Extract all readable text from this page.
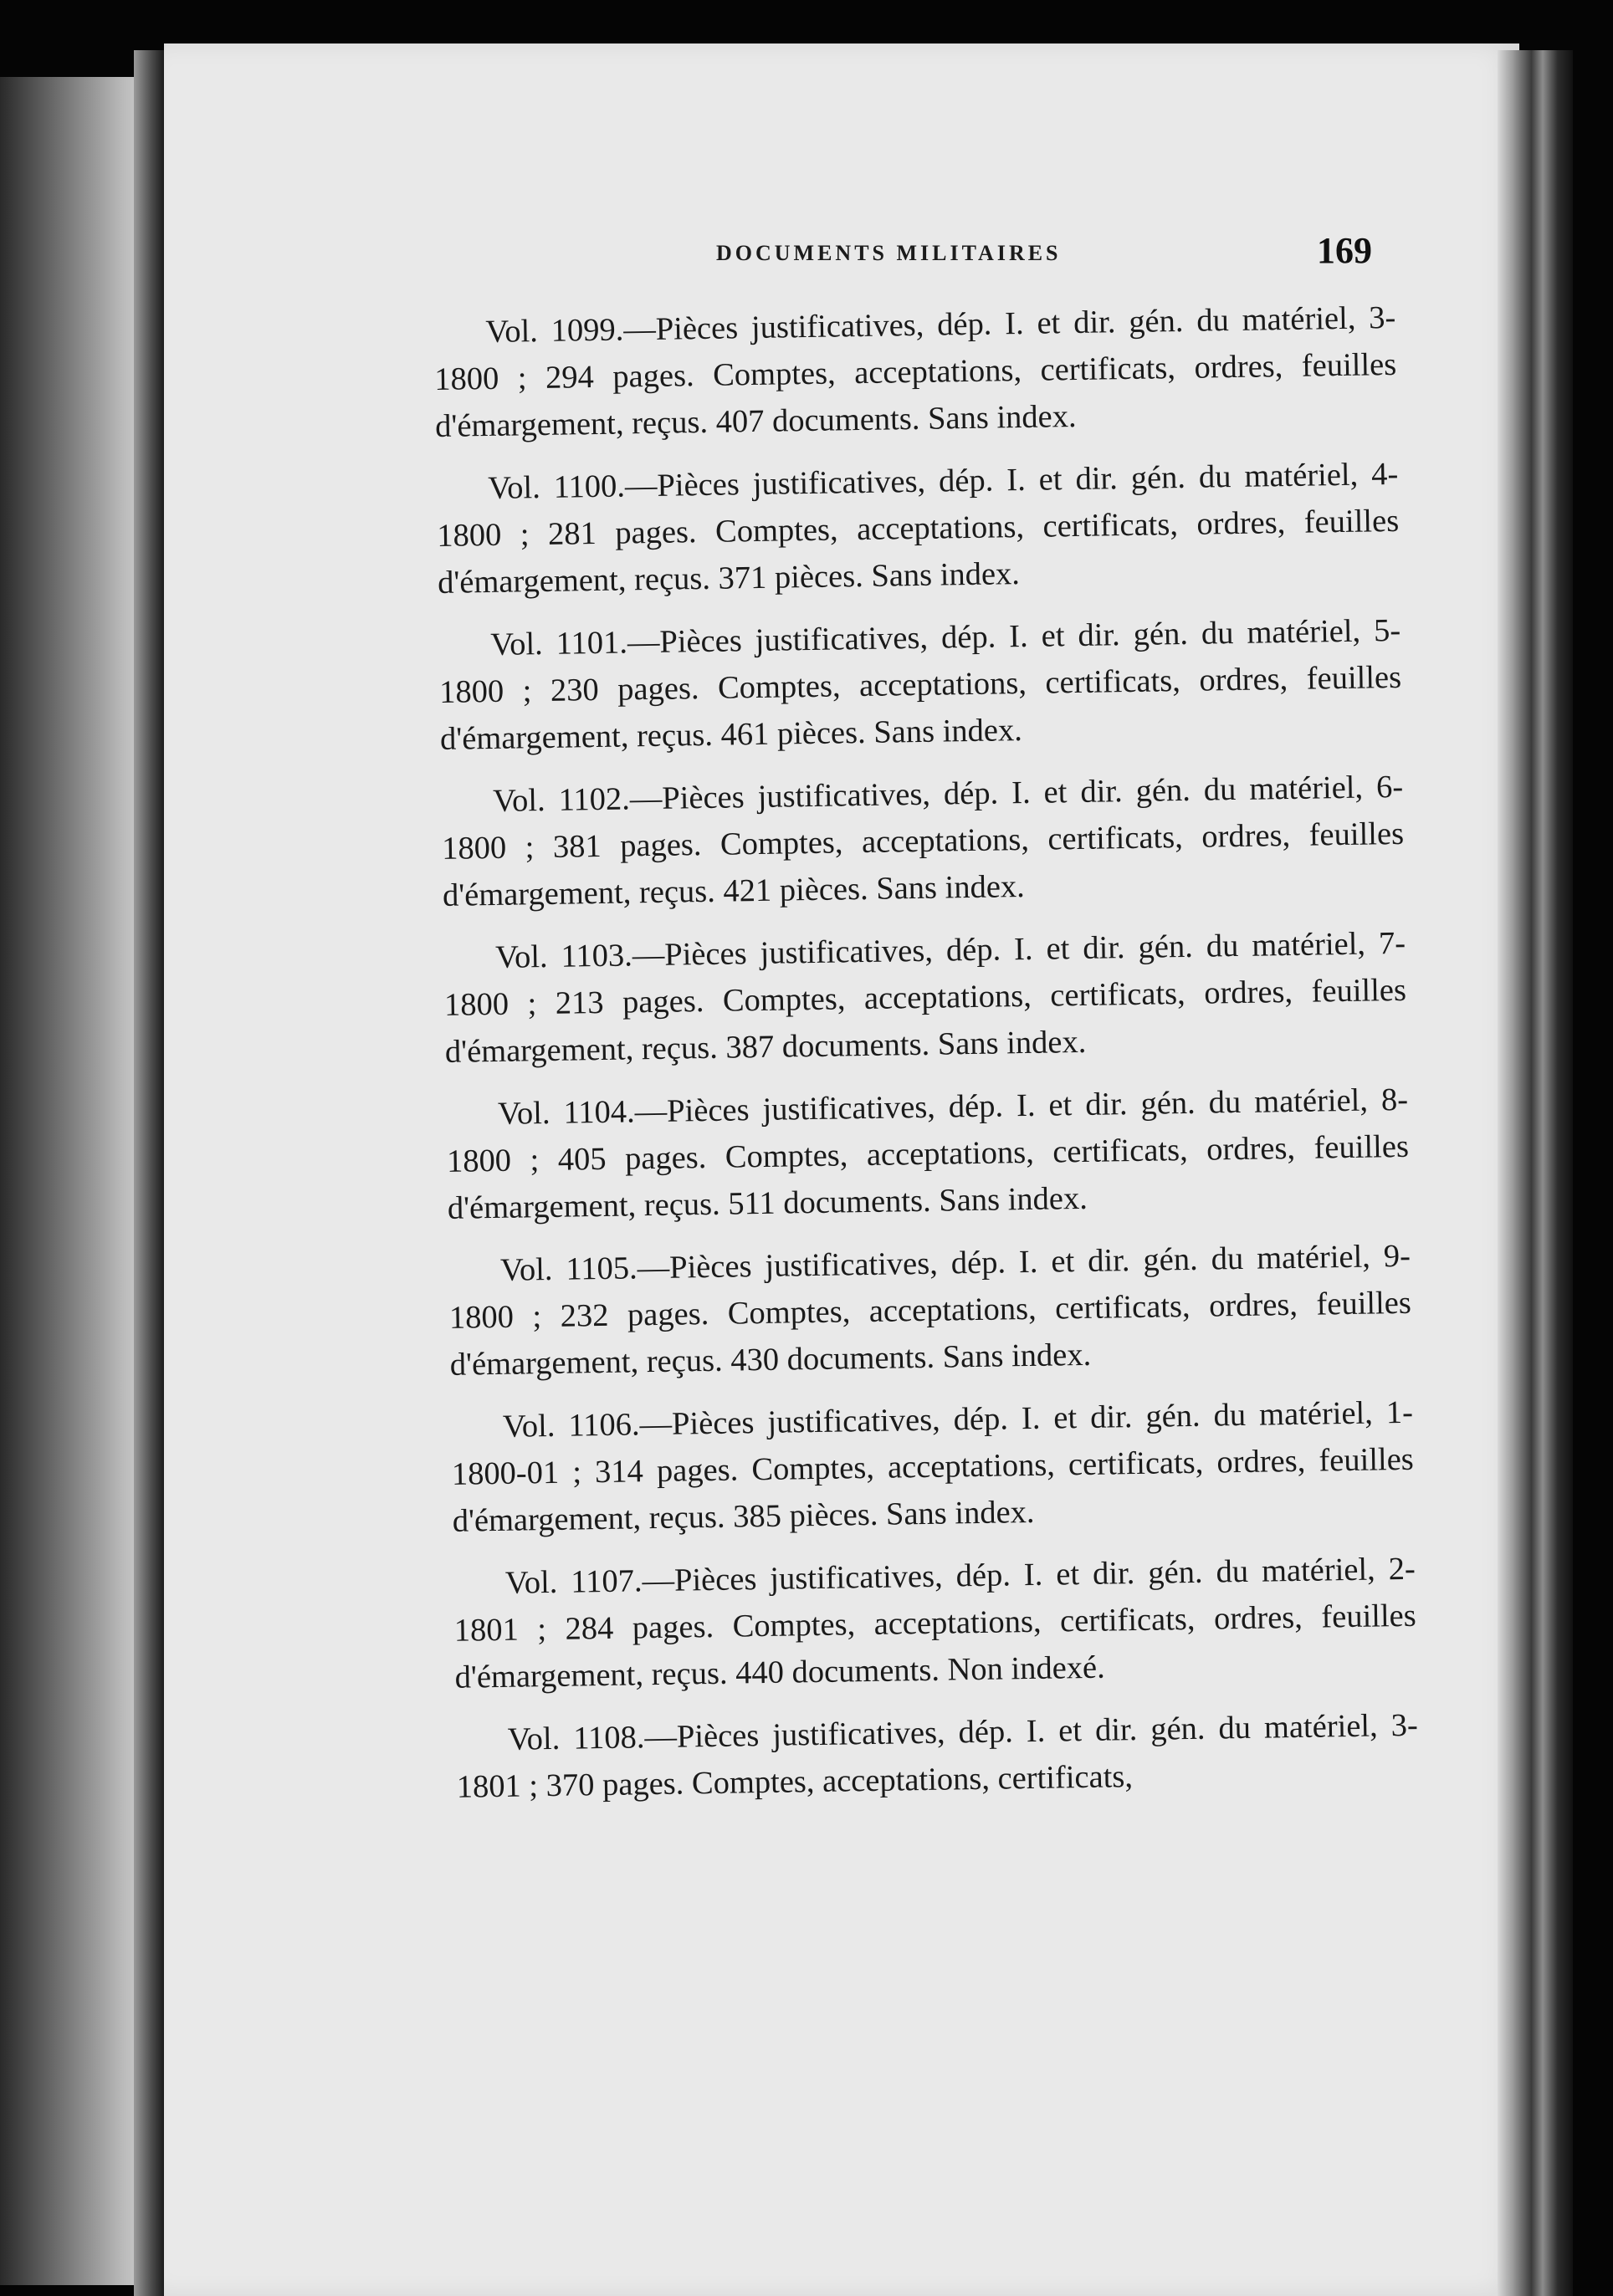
DOCUMENTS MILITAIRES	169

Vol. 1099.—Pièces justificatives, dép. I. et dir. gén. du matériel, 3-1800 ; 294 pages. Comptes, acceptations, certificats, ordres, feuilles d'émargement, reçus. 407 documents. Sans index.

Vol. 1100.—Pièces justificatives, dép. I. et dir. gén. du matériel, 4-1800 ; 281 pages. Comptes, acceptations, certificats, ordres, feuilles d'émargement, reçus. 371 pièces. Sans index.

Vol. 1101.—Pièces justificatives, dép. I. et dir. gén. du matériel, 5-1800 ; 230 pages. Comptes, acceptations, certificats, ordres, feuilles d'émargement, reçus. 461 pièces. Sans index.

Vol. 1102.—Pièces justificatives, dép. I. et dir. gén. du matériel, 6-1800 ; 381 pages. Comptes, acceptations, certificats, ordres, feuilles d'émargement, reçus. 421 pièces. Sans index.

Vol. 1103.—Pièces justificatives, dép. I. et dir. gén. du matériel, 7-1800 ; 213 pages. Comptes, acceptations, certificats, ordres, feuilles d'émargement, reçus. 387 documents. Sans index.

Vol. 1104.—Pièces justificatives, dép. I. et dir. gén. du matériel, 8-1800 ; 405 pages. Comptes, acceptations, certificats, ordres, feuilles d'émargement, reçus. 511 documents. Sans index.

Vol. 1105.—Pièces justificatives, dép. I. et dir. gén. du matériel, 9-1800 ; 232 pages. Comptes, acceptations, certificats, ordres, feuilles d'émargement, reçus. 430 documents. Sans index.

Vol. 1106.—Pièces justificatives, dép. I. et dir. gén. du matériel, 1-1800-01 ; 314 pages. Comptes, acceptations, certificats, ordres, feuilles d'émargement, reçus. 385 pièces. Sans index.

Vol. 1107.—Pièces justificatives, dép. I. et dir. gén. du matériel, 2-1801 ; 284 pages. Comptes, acceptations, certificats, ordres, feuilles d'émargement, reçus. 440 documents. Non indexé.

Vol. 1108.—Pièces justificatives, dép. I. et dir. gén. du matériel, 3-1801 ; 370 pages. Comptes, acceptations, certificats,
